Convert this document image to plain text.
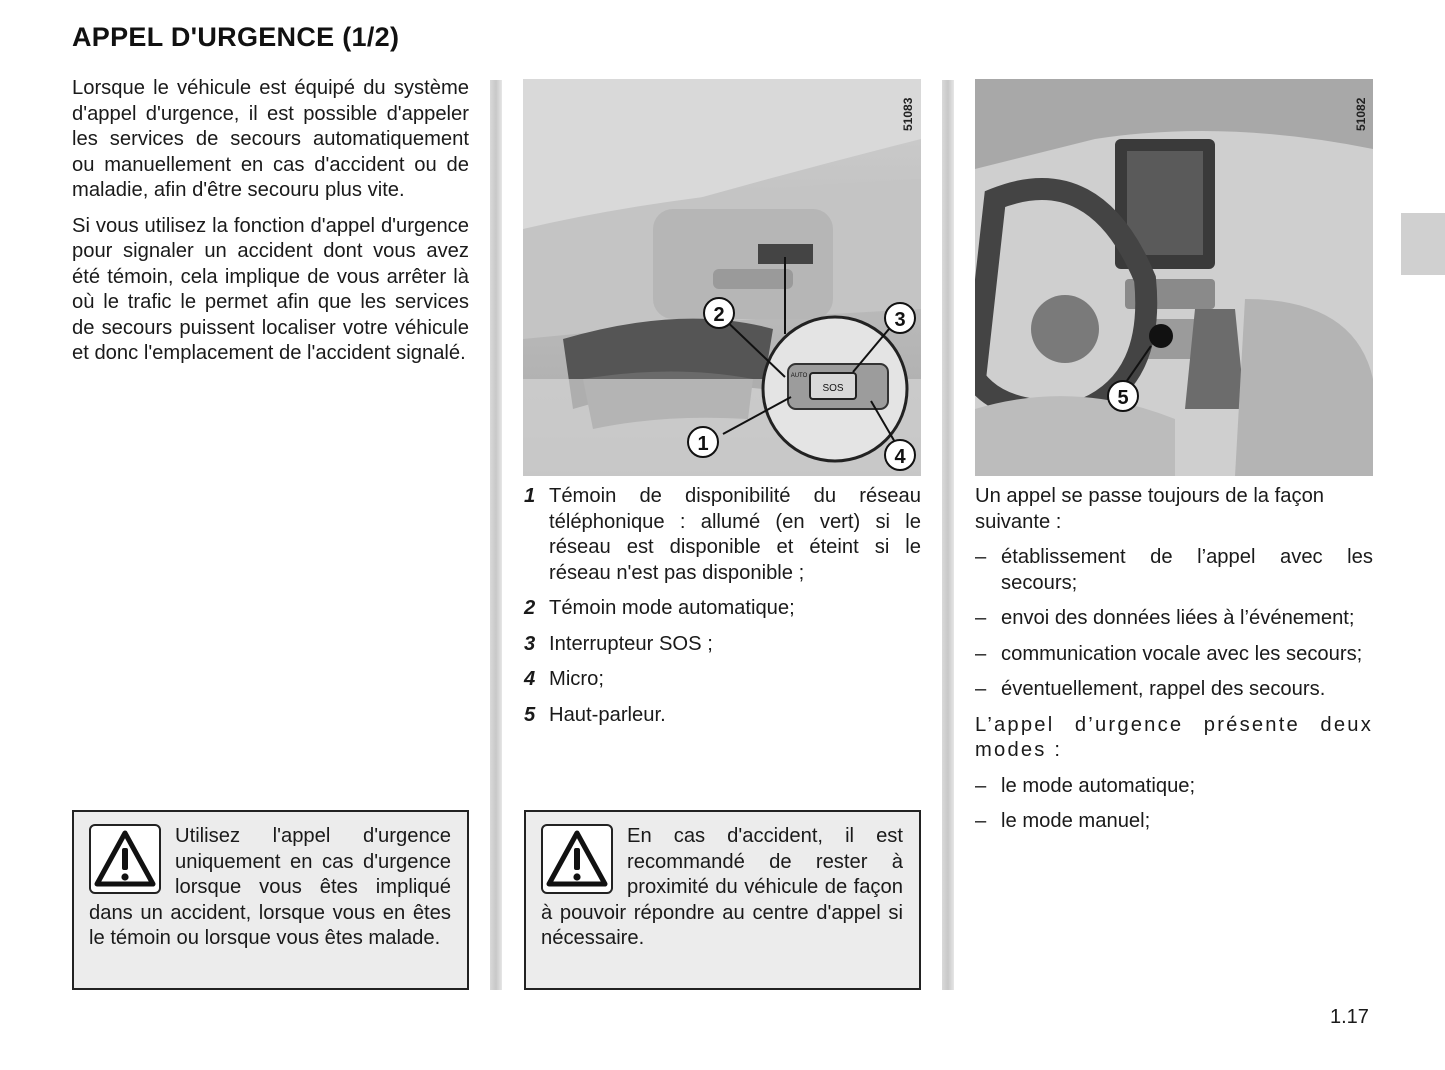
APPEL D'URGENCE (1/2)

Lorsque le véhicule est équipé du système d'appel d'urgence, il est possible d'appeler les services de secours automatiquement ou manuellement en cas d'accident ou de maladie, afin d'être secouru plus vite.

Si vous utilisez la fonction d'appel d'urgence pour signaler un accident dont vous avez été témoin, cela implique de vous arrêter là où le trafic le permet afin que les services de secours puissent localiser votre véhicule et donc l'emplacement de l'accident signalé.

1
2	3
4
SOS
AUTO
51083
5
51082
1 Témoin de disponibilité du réseau téléphonique : allumé (en vert) si le réseau est disponible et éteint si le réseau n'est pas disponible ;
2 Témoin mode automatique;
3 Interrupteur SOS ;
4 Micro;
5 Haut-parleur.

Un appel se passe toujours de la façon suivante :

– établissement de l’appel avec les secours;
– envoi des données liées à l’événement;
– communication vocale avec les secours;
– éventuellement, rappel des secours.

L’appel d’urgence présente deux modes :

– le mode automatique;
– le mode manuel;
Utilisez l'appel d'urgence uniquement en cas d'urgence lorsque vous êtes impliqué dans un accident, lorsque vous en êtes le témoin ou lorsque vous êtes malade.
En cas d'accident, il est recommandé de rester à proximité du véhicule de façon à pouvoir répondre au centre d'appel si nécessaire.
1.17
